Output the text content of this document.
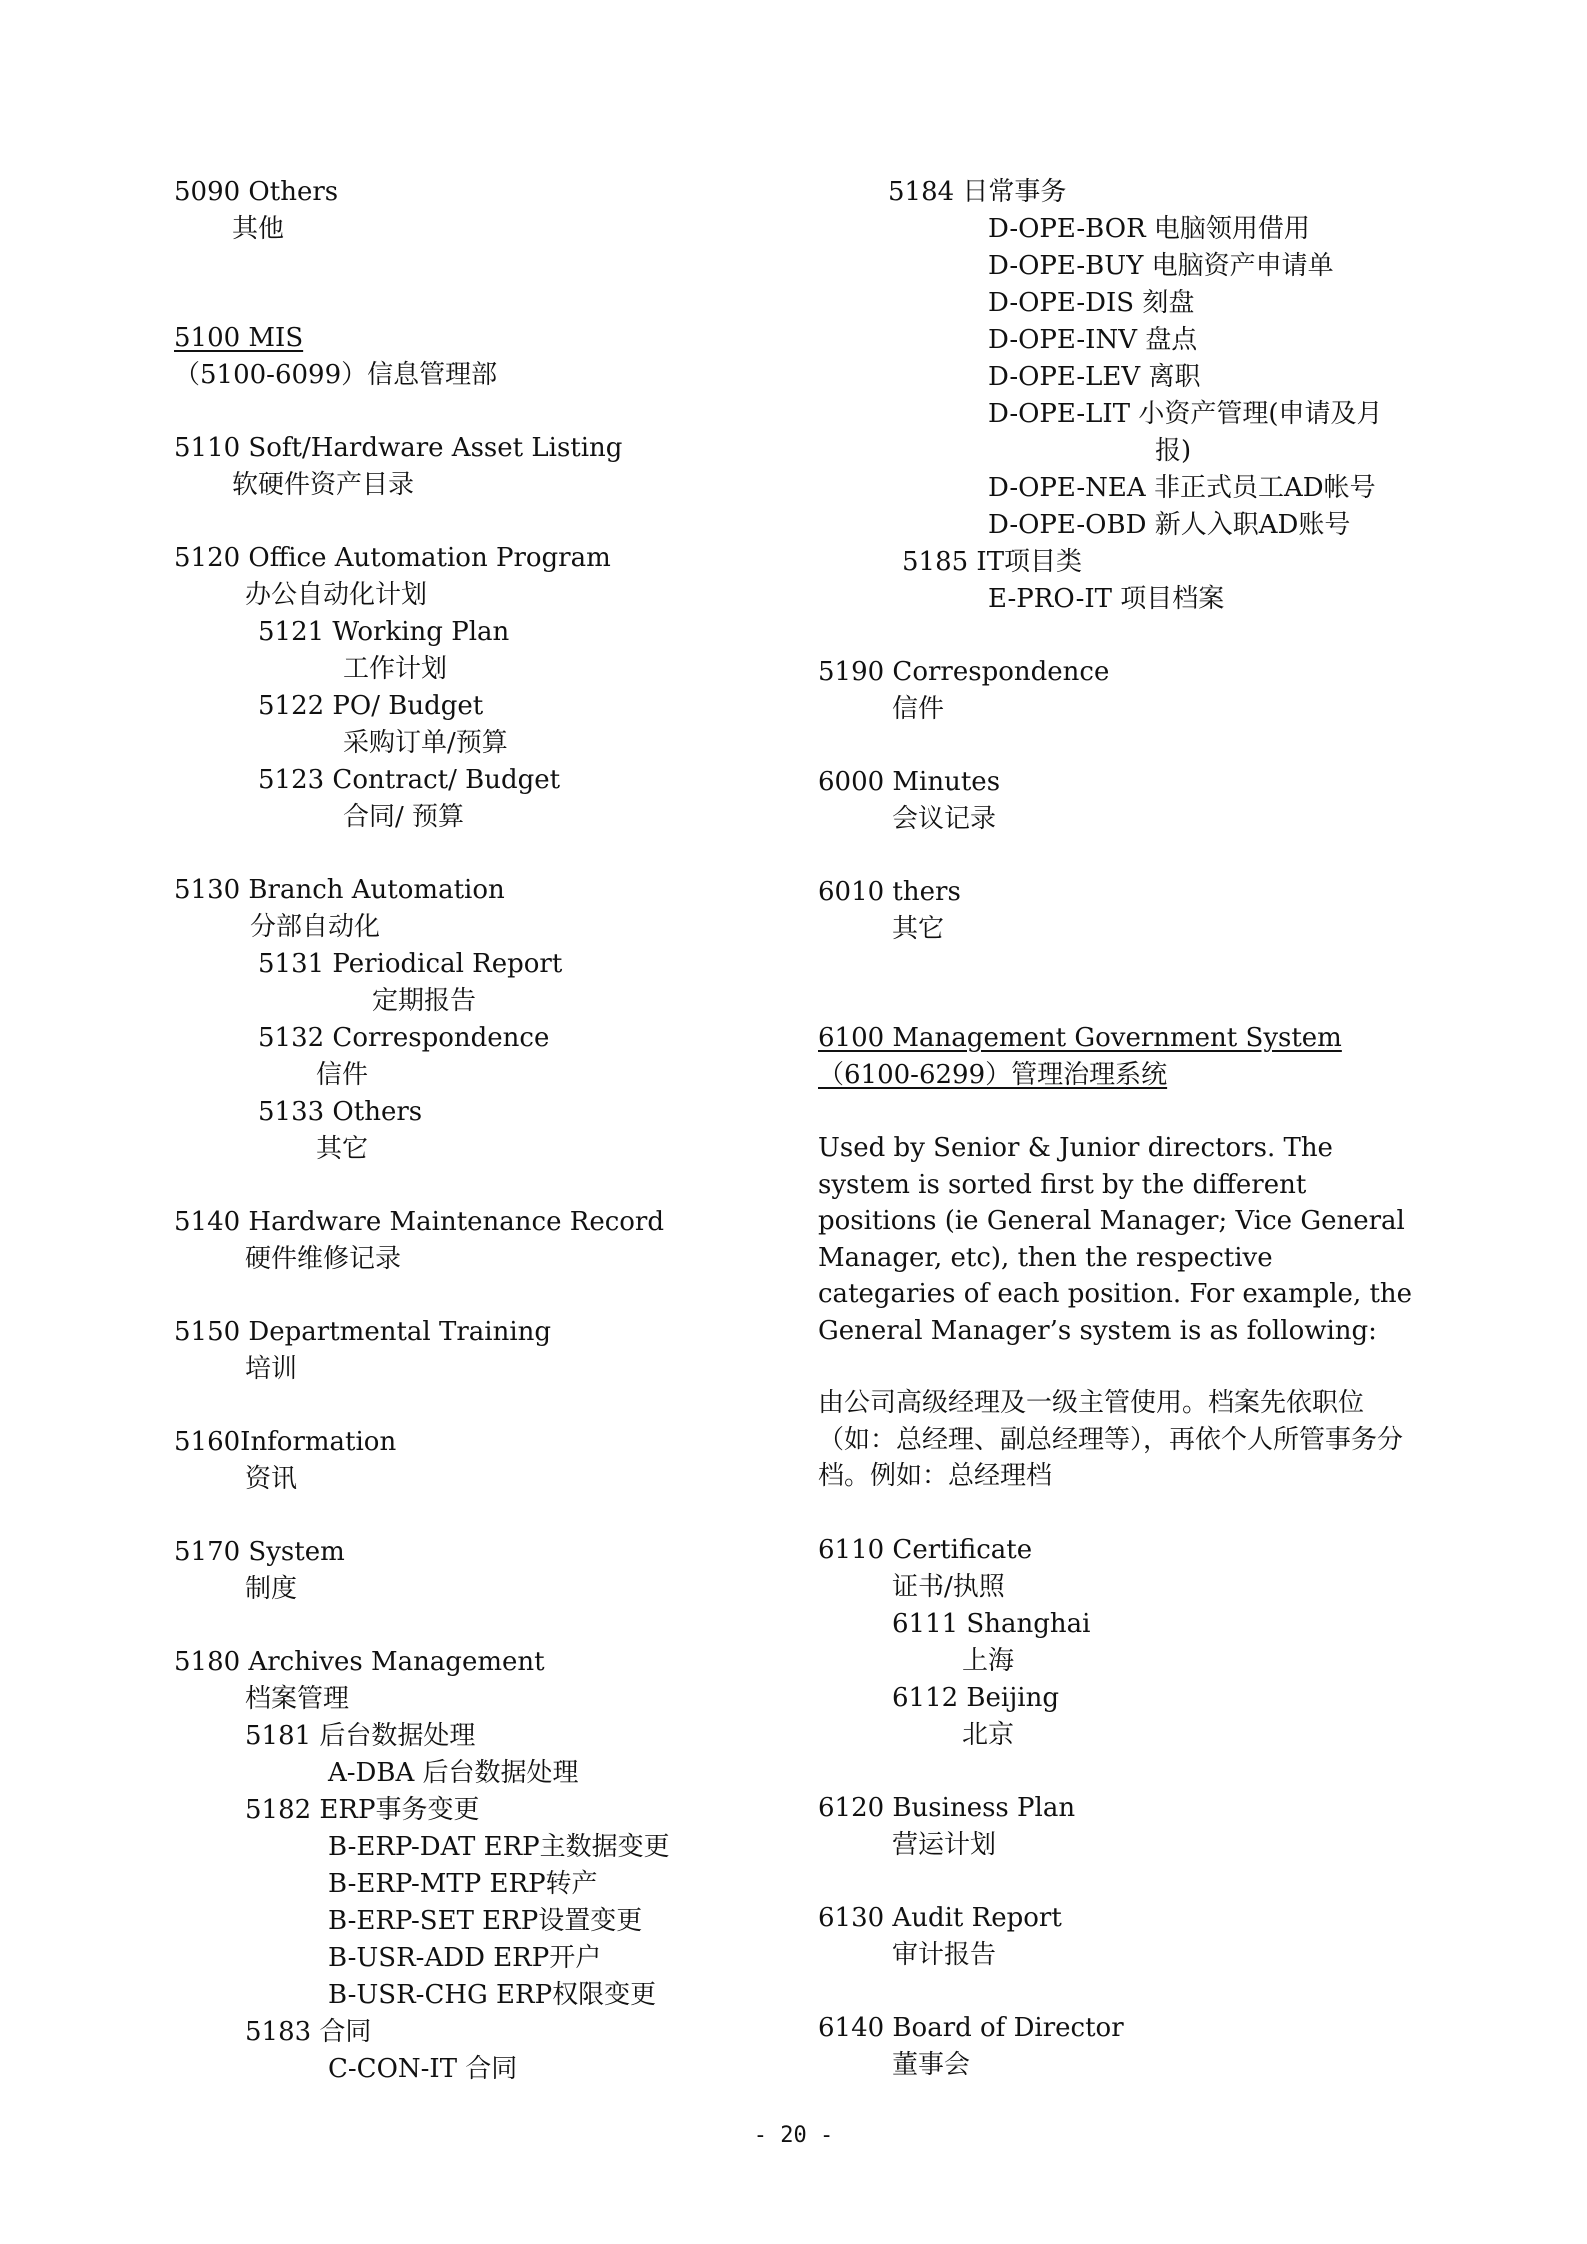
5090 Others
其他
5100 MIS
（5100-6099）信息管理部
5110 Soft/Hardware Asset Listing
软硬件资产目录
5120 Office Automation Program
办公自动化计划
5121 Working Plan
工作计划
5122 PO/ Budget
采购订单/预算
5123 Contract/ Budget
合同/ 预算
5130 Branch Automation
分部自动化
5131 Periodical Report
定期报告
5132 Correspondence
信件
5133 Others
其它
5140 Hardware Maintenance Record
硬件维修记录
5150 Departmental Training
培训
5160Information
资讯
5170 System
制度
5180 Archives Management
档案管理
5181 后台数据处理
A-DBA 后台数据处理
5182 ERP事务变更
B-ERP-DAT ERP主数据变更
B-ERP-MTP ERP转产
B-ERP-SET ERP设置变更
B-USR-ADD ERP开户
B-USR-CHG ERP权限变更
5183 合同
C-CON-IT 合同
5184 日常事务
D-OPE-BOR 电脑领用借用
D-OPE-BUY 电脑资产申请单
D-OPE-DIS 刻盘
D-OPE-INV 盘点
D-OPE-LEV 离职
D-OPE-LIT 小资产管理(申请及月
报)
D-OPE-NEA 非正式员工AD帐号
D-OPE-OBD 新人入职AD账号
5185 IT项目类
E-PRO-IT 项目档案
5190 Correspondence
信件
6000 Minutes
会议记录
6010 thers
其它
6100 Management Government System
（6100-6299）管理治理系统
Used by Senior & Junior directors. The system is sorted first by the different positions (ie General Manager; Vice General Manager, etc), then the respective categaries of each position. For example, the General Manager’s system is as following:
由公司高级经理及一级主管使用。档案先依职位（如：总经理、副总经理等），再依个人所管事务分档。例如：总经理档
6110 Certificate
证书/执照
6111 Shanghai
上海
6112 Beijing
北京
6120 Business Plan
营运计划
6130 Audit Report
审计报告
6140 Board of Director
董事会
- 20 -
